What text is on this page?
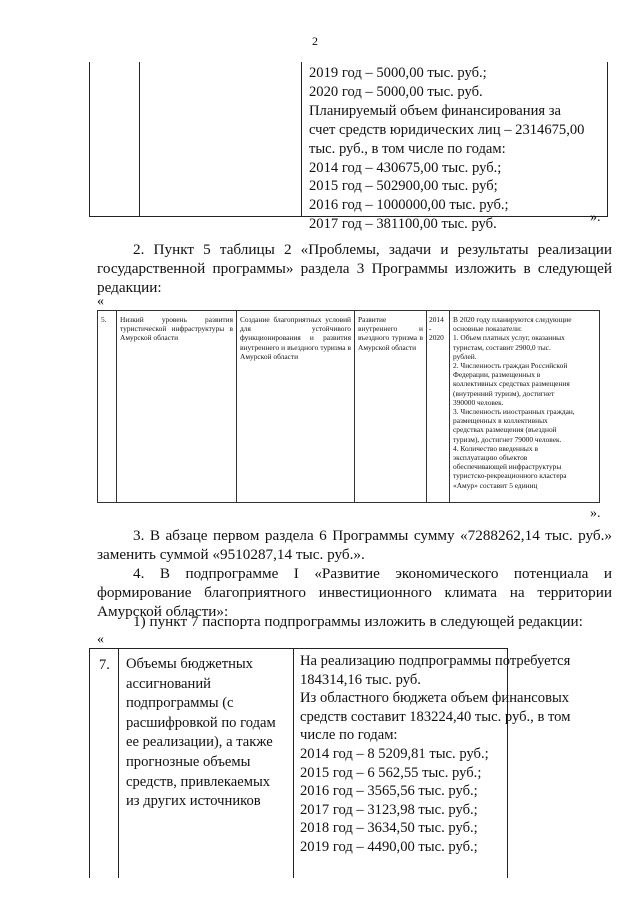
2
2019 год – 5000,00 тыс. руб.;
2020 год – 5000,00 тыс. руб.
Планируемый объем финансирования за
счет средств юридических лиц – 2314675,00
тыс. руб., в том числе по годам:
2014 год – 430675,00 тыс. руб.;
2015 год – 502900,00 тыс. руб;
2016 год – 1000000,00 тыс. руб.;
2017 год – 381100,00 тыс. руб.	».
2. Пункт 5 таблицы 2 «Проблемы, задачи и результаты реализации государственной программы» раздела 3 Программы изложить в следующей редакции:
«
5. Низкий уровень развития туристической инфраструктуры в Амурской области
Создание благоприятных условий для устойчивого функционирования и развития внутреннего и въездного туризма в Амурской области
Развитие внутреннего и въездного туризма в Амурской области
2014 - 2020
В 2020 году планируются следующие
основные показатели:
1. Объем платных услуг, оказанных
туристам, составит 2900,0 тыс.
рублей.
2. Численность граждан Российской
Федерации, размещенных в
коллективных средствах размещения
(внутренний туризм), достигнет
390000 человек.
3. Численность иностранных граждан,
размещенных в коллективных
средствах размещения (въездной
туризм), достигнет 79000 человек.
4. Количество введенных в
эксплуатацию объектов
обеспечивающей инфраструктуры
туристско-рекреационного кластера
«Амур» составит 5 единиц
».
3. В абзаце первом раздела 6 Программы сумму «7288262,14 тыс. руб.» заменить суммой «9510287,14 тыс. руб.».
4. В подпрограмме I «Развитие экономического потенциала и формирование благоприятного инвестиционного климата на территории Амурской области»:
1) пункт 7 паспорта подпрограммы изложить в следующей редакции:
«
7. Объемы бюджетных
ассигнований
подпрограммы (с
расшифровкой по годам
ее реализации), а также
прогнозные объемы
средств, привлекаемых
из других источников
На реализацию подпрограммы потребуется
184314,16 тыс. руб.
Из областного бюджета объем финансовых
средств составит 183224,40 тыс. руб., в том
числе по годам:
2014 год – 8 5209,81 тыс. руб.;
2015 год – 6 562,55 тыс. руб.;
2016 год – 3565,56 тыс. руб.;
2017 год – 3123,98 тыс. руб.;
2018 год – 3634,50 тыс. руб.;
2019 год – 4490,00 тыс. руб.;
